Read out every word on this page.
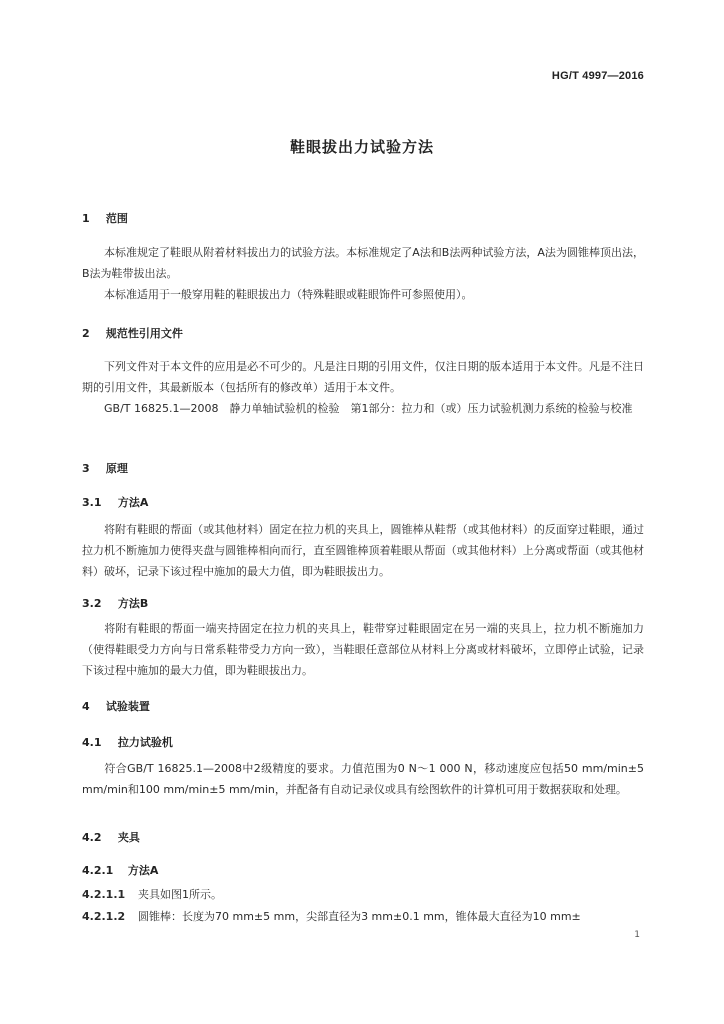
HG/T 4997—2016
鞋眼拔出力试验方法
1 范围
本标准规定了鞋眼从附着材料拔出力的试验方法。本标准规定了A法和B法两种试验方法，A法为圆锥棒顶出法，B法为鞋带拔出法。
本标准适用于一般穿用鞋的鞋眼拔出力（特殊鞋眼或鞋眼饰件可参照使用）。
2 规范性引用文件
下列文件对于本文件的应用是必不可少的。凡是注日期的引用文件，仅注日期的版本适用于本文件。凡是不注日期的引用文件，其最新版本（包括所有的修改单）适用于本文件。
GB/T 16825.1—2008　静力单轴试验机的检验　第1部分：拉力和（或）压力试验机测力系统的检验与校准
3 原理
3.1 方法A
将附有鞋眼的帮面（或其他材料）固定在拉力机的夹具上，圆锥棒从鞋帮（或其他材料）的反面穿过鞋眼，通过拉力机不断施加力使得夹盘与圆锥棒相向而行，直至圆锥棒顶着鞋眼从帮面（或其他材料）上分离或帮面（或其他材料）破坏，记录下该过程中施加的最大力值，即为鞋眼拔出力。
3.2 方法B
将附有鞋眼的帮面一端夹持固定在拉力机的夹具上，鞋带穿过鞋眼固定在另一端的夹具上，拉力机不断施加力（使得鞋眼受力方向与日常系鞋带受力方向一致），当鞋眼任意部位从材料上分离或材料破坏，立即停止试验，记录下该过程中施加的最大力值，即为鞋眼拔出力。
4 试验装置
4.1 拉力试验机
符合GB/T 16825.1—2008中2级精度的要求。力值范围为0 N～1 000 N，移动速度应包括50 mm/min±5 mm/min和100 mm/min±5 mm/min，并配备有自动记录仪或具有绘图软件的计算机可用于数据获取和处理。
4.2 夹具
4.2.1 方法A
4.2.1.1 夹具如图1所示。
4.2.1.2 圆锥棒：长度为70 mm±5 mm，尖部直径为3 mm±0.1 mm，锥体最大直径为10 mm±
1
